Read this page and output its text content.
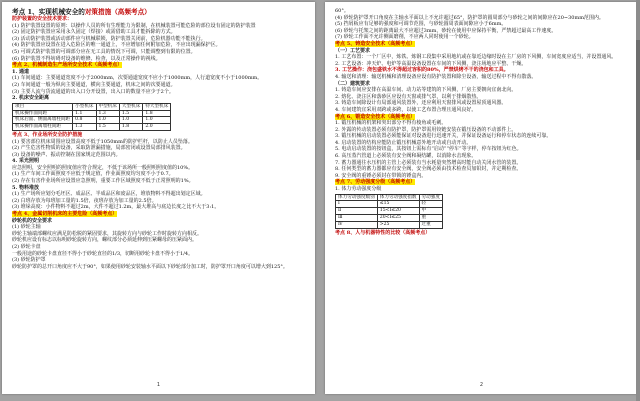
考点 1、实现机械安全的对策措施（高频考点）

防护装置的安全技术要求：

(1) 防护装置设置的原则：以操作人员的所有生理能力为限制，在机械装置可能危险的部位设有固定的防护装置

(2) 固定防护装置应采用永久固定（焊接）或需借助工具才能拆除的方式。

(3) 活动防护装置或活动部件应与机械联锁，防护装置关闭前，危险机器功能不能执行。

(4) 防护装置应设置在进入危险区的唯一通道上，不应增加任何附加危险，不应出现漏保护区。

(5) 可调式防护装置的可调部分应在无工具的情况下可调，只能调整到有限的位置。

(6) 防护装置不得妨碍对设备的维修、检查，以及正常操作的视线。

考点 2、机械制造生产场所安全技术（高频考点）

1. 通道

(1) 车间通道：主要通道宽度不小于2000mm，次要通道宽度不应小于1000mm，人行道宽度不小于1000mm。

(2) 车间通道一般为纵向主要通道，横向主要通道，机床之间的次要通道。

(3) 主要人流与货流通道的出入口分开设置，出入口的数量不应少于2个。

2. 机床安全距离

项目	小型机床	中型机床	大型机床	特大型机床
机床操作面间距	1.1	1.3	1.5	1.8
机床后面、侧面离墙柱间距	0.8	1.0	1.0	1.0
机床操作面离墙柱间距	1.3	1.5	1.8	2.0

考点 3、作业场所安全防护措施

(1) 要害部位机床周围应设置高度不低于1050mm的防护栏杆，以防止人员坠落。

(2) 产生危害性物质的设备，采取防泄漏措施，局部密闭或设置局部排风装置。

(3) 设备的噪声、振动控制在国家规定范围以内。

4. 采光照明

应急照明，安全照明的照度值应符合规定，不低于该场所一般照明照度值的10%。

(1) 生产车间工作面照度不应低于规定值，作业面照度均匀度不小于0.7。

(2) 存在有害作业场所应设置应急照明，重要工作区域照度不低于正常照明的1%。

5. 物料堆放

(1) 生产场所应划分毛坯区、成品区、半成品区和废品区，堆放物料不得超出划定区域。

(2) 白班存放为每班加工量的1.5倍，夜班存放为加工量的2.5倍。

(3) 堆垛高度：小件物料不超过2m，大件不超过1.2m，最大堆高与底边长度之比不大于3:1。

考点 4、金属切削机床的主要危险（高频考点）

砂轮机的安全要求

(1) 砂轮主轴

砂轮主轴端部螺纹应满足防松脱的紧固要求，其旋转方向与砂轮工作时旋转方向相反。

砂轮机应设有标志以标明砂轮旋转方向，螺纹部分必须延伸到压紧螺母的压紧面内。

(2) 砂轮卡盘

一般用途的砂轮卡盘直径不得小于砂轮直径的1/3，切断用砂轮卡盘不得小于1/4。

(3) 砂轮防护罩

砂轮防护罩的总开口角度应不大于90°，如果使用砂轮安装轴水平面以下砂轮部分加工时，防护罩开口角度可以增大到125°。

1

60°。

(4) 砂轮防护罩开口角度在主轴水平面以上不允许超过65°，防护罩的圆周部分与砂轮之间的间隙应在20~30mm范围内。

(5) 挡屑板应有足够的强度和可调节范围，与砂轮圆周表面间隙应小于6mm。

(6) 砂轮与托架之间的距离最大不应超过3mm，砂轮在使用中应保持平衡，严禁超过最高工作速度。

(7) 砂轮工作面不允许侧面磨削，不应两人同时使用一个砂轮。

考点 5、铸造安全技术（高频考点）

（一）工艺要求

1. 工艺布置：一个厂区中，炼铁、炼钢工段集中采用地坑或在靠近边缘时设在主厂房的下风侧，车间宽度应适当，并设置通风。

2. 工艺设备：冲天炉、电炉等高温设备设置在车间的下风侧，浇注场地应平整、干燥。

3. 工艺操作：浇包盛铁水不得超过容积的80%，严禁烘烤不干的浇包和工具。

4. 输送和清理：输送机械和清理设备应设有防护装置和除尘设备，输送过程中不得有散落。

（二）建筑要求

1. 铸造车间应安排在高温车间、动力站等建筑的下风侧，厂房主要朝向宜南北向。

2. 熔化、浇注区和落砂区应设有天窗或排气罩，以利于排烟散热。

3. 铸造车间除设计有局部通风装置外，还应利用天窗排风或设置屋顶通风器。

4. 车间建筑宜采用双跨或多跨，以使工艺布置合理且通风良好。

考点 6、锻造安全技术（高频考点）

1. 锻压机械的机架和突出部分不得有棱角或毛刺。

2. 外露的传动装置必须有防护罩，防护罩需用铰链安装在锻压设备的不动部件上。

3. 锻压机械的启动装置必须能保证对设备进行迅速开关，并保证设备运行和停车状态的连续可靠。

4. 启动装置的结构应能防止锻压机械意外地开动或自动开动。

5. 电动启动装置的按钮盒，其按钮上需标有“启动”“停车”等字样，停车按钮为红色。

6. 高压蒸汽管道上必须装有安全阀和凝结罐，以消除水击现象。

7. 蓄力器通往水压机的主管上必须装有当水耗量突然增高时能自动关闭水管的装置。

8. 任何类型的蓄力器都应有安全阀，安全阀必须由技术检查员加铅封，并定期检查。

9. 安全阀的重锤必须封在带锁的锤盒内。

考点 7、劳动强度分级（高频考点）

1. 体力劳动强度分级

体力劳动强度级别	体力劳动强度指数	劳动强度
Ⅰ	≤15	轻
Ⅱ	15<Ⅰ≤20	中
Ⅲ	20<Ⅰ≤25	重
Ⅳ	>25	过重

考点 8、人与机器特性的比较（高频考点）

2
